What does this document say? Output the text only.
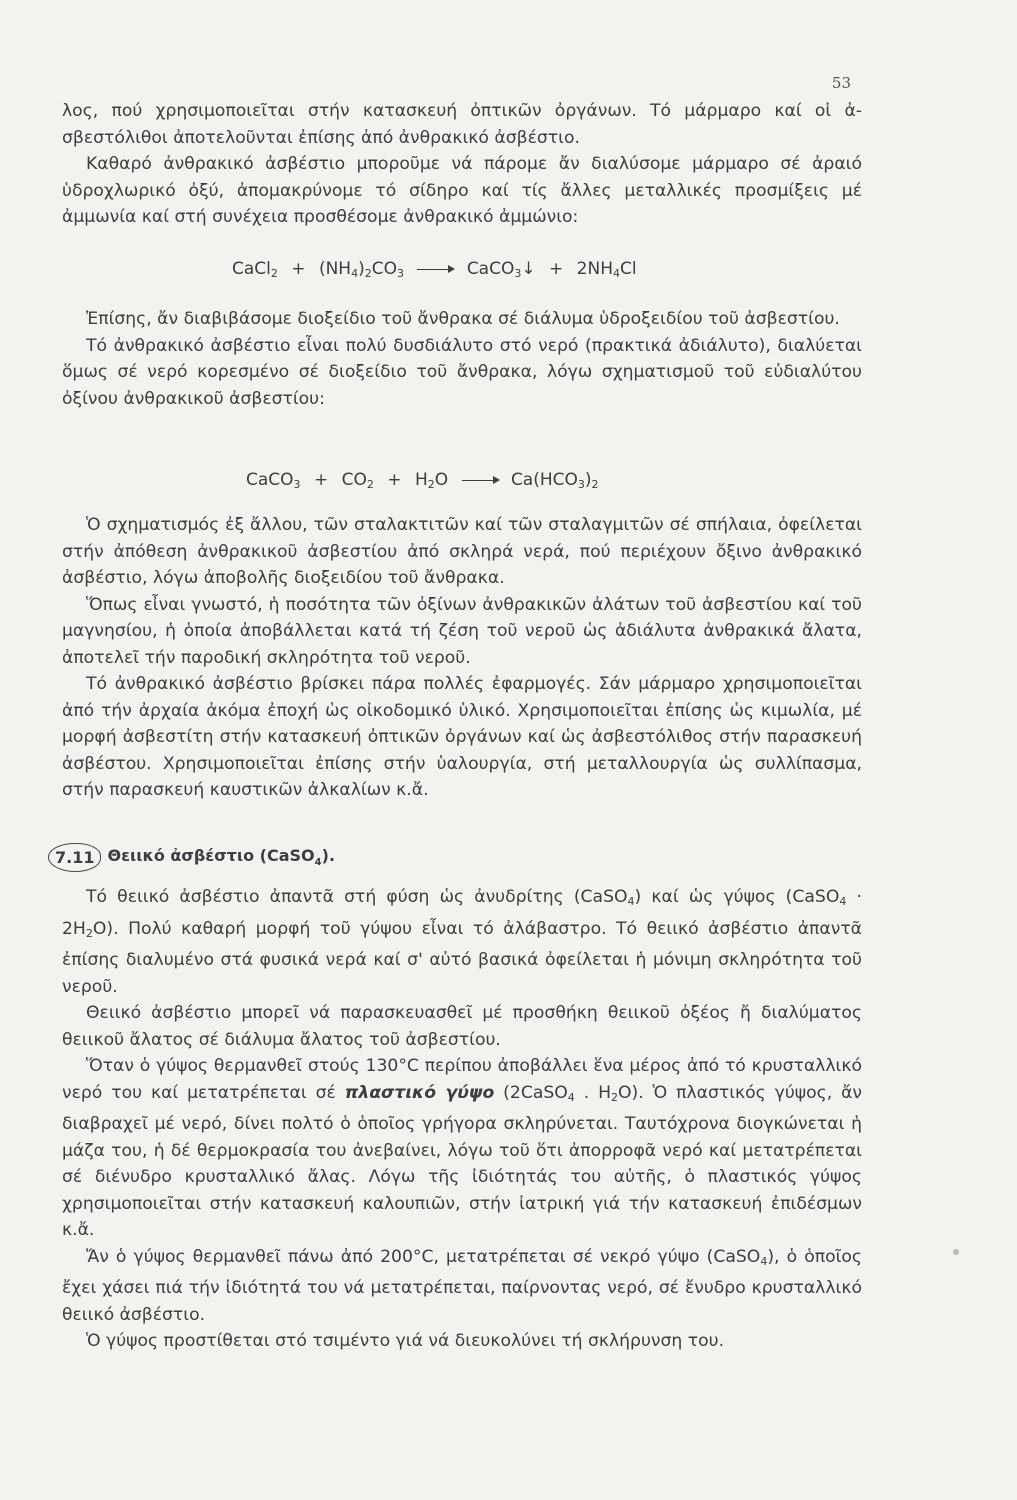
53

λος, πού χρησιμοποιεῖται στήν κατασκευή ὀπτικῶν ὀργάνων. Τό μάρμαρο καί οἱ ἀ-σβεστόλιθοι ἀποτελοῦνται ἐπίσης ἀπό ἀνθρακικό ἀσβέστιο.

Καθαρό ἀνθρακικό ἀσβέστιο μποροῦμε νά πάρομε ἄν διαλύσομε μάρμαρο σέ ἀραιό ὑδροχλωρικό ὀξύ, ἀπομακρύνομε τό σίδηρο καί τίς ἄλλες μεταλλικές προσμίξεις μέ ἀμμωνία καί στή συνέχεια προσθέσομε ἀνθρακικό ἀμμώνιο:

CaCl$_2$ + $(NH_4)_2CO_3$ → CaCO$_3$↓ + $2NH_4Cl$

Ἐπίσης, ἄν διαβιβάσομε διοξείδιο τοῦ ἄνθρακα σέ διάλυμα ὑδροξειδίου τοῦ ἀσβεστίου.

Τό ἀνθρακικό ἀσβέστιο εἶναι πολύ δυσδιάλυτο στό νερό (πρακτικά ἀδιάλυτο), διαλύεται ὅμως σέ νερό κορεσμένο σέ διοξείδιο τοῦ ἄνθρακα, λόγω σχηματισμοῦ τοῦ εὐδιαλύτου ὀξίνου ἀνθρακικοῦ ἀσβεστίου:

CaCO$_3$ + $CO_2 + H_2O \to Ca(HCO_3)_2$

Ὁ σχηματισμός ἐξ ἄλλου, τῶν σταλακτιτῶν καί τῶν σταλαγμιτῶν σέ σπήλαια, ὀφείλεται στήν ἀπόθεση ἀνθρακικοῦ ἀσβεστίου ἀπό σκληρά νερά, πού περιέχουν ὄξινο ἀνθρακικό ἀσβέστιο, λόγω ἀποβολῆς διοξειδίου τοῦ ἄνθρακα.

Ὅπως εἶναι γνωστό, ἡ ποσότητα τῶν ὀξίνων ἀνθρακικῶν ἀλάτων τοῦ ἀσβεστίου καί τοῦ μαγνησίου, ἡ ὁποία ἀποβάλλεται κατά τή ζέση τοῦ νεροῦ ὡς ἀδιάλυτα ἀνθρακικά ἄλατα, ἀποτελεῖ τήν παροδική σκληρότητα τοῦ νεροῦ.

Τό ἀνθρακικό ἀσβέστιο βρίσκει πάρα πολλές ἐφαρμογές. Σάν μάρμαρο χρησιμοποιεῖται ἀπό τήν ἀρχαία ἀκόμα ἐποχή ὡς οἰκοδομικό ὑλικό. Χρησιμοποιεῖται ἐπίσης ὡς κιμωλία, μέ μορφή ἀσβεστίτη στήν κατασκευή ὀπτικῶν ὀργάνων καί ὡς ἀσβεστόλιθος στήν παρασκευή ἀσβέστου. Χρησιμοποιεῖται ἐπίσης στήν ὑαλουργία, στή μεταλλουργία ὡς συλλίπασμα, στήν παρασκευή καυστικῶν ἀλκαλίων κ.ἄ.

7.11 Θειικό ἀσβέστιο (CaSO$_4$).

Τό θειικό ἀσβέστιο ἀπαντᾶ στή φύση ὡς ἀνυδρίτης (CaSO$_4$) καί ὡς γύψος (CaSO$_4$ · $2H_2O$). Πολύ καθαρή μορφή τοῦ γύψου εἶναι τό ἀλάβαστρο. Τό θειικό ἀσβέστιο ἀπαντᾶ ἐπίσης διαλυμένο στά φυσικά νερά καί σ' αὐτό βασικά ὀφείλεται ἡ μόνιμη σκληρότητα τοῦ νεροῦ.

Θειικό ἀσβέστιο μπορεῖ νά παρασκευασθεῖ μέ προσθήκη θειικοῦ ὀξέος ἤ διαλύματος θειικοῦ ἄλατος σέ διάλυμα ἄλατος τοῦ ἀσβεστίου.

Ὅταν ὁ γύψος θερμανθεῖ στούς 130°C περίπου ἀποβάλλει ἕνα μέρος ἀπό τό κρυσταλλικό νερό του καί μετατρέπεται σέ πλαστικό γύψο (2CaSO$_4$ . $H_2O$). Ὁ πλαστικός γύψος, ἄν διαβραχεῖ μέ νερό, δίνει πολτό ὁ ὁποῖος γρήγορα σκληρύνεται. Ταυτόχρονα διογκώνεται ἡ μάζα του, ἡ δέ θερμοκρασία του ἀνεβαίνει, λόγω τοῦ ὅτι ἀπορροφᾶ νερό καί μετατρέπεται σέ διένυδρο κρυσταλλικό ἄλας. Λόγω τῆς ἰδιότητάς του αὐτῆς, ὁ πλαστικός γύψος χρησιμοποιεῖται στήν κατασκευή καλουπιῶν, στήν ἰατρική γιά τήν κατασκευή ἐπιδέσμων κ.ἄ.

Ἄν ὁ γύψος θερμανθεῖ πάνω ἀπό 200°C, μετατρέπεται σέ νεκρό γύψο (CaSO$_4$), ὁ ὁποῖος ἔχει χάσει πιά τήν ἰδιότητά του νά μετατρέπεται, παίρνοντας νερό, σέ ἔνυδρο κρυσταλλικό θειικό ἀσβέστιο.

Ὁ γύψος προστίθεται στό τσιμέντο γιά νά διευκολύνει τή σκλήρυνση του.
